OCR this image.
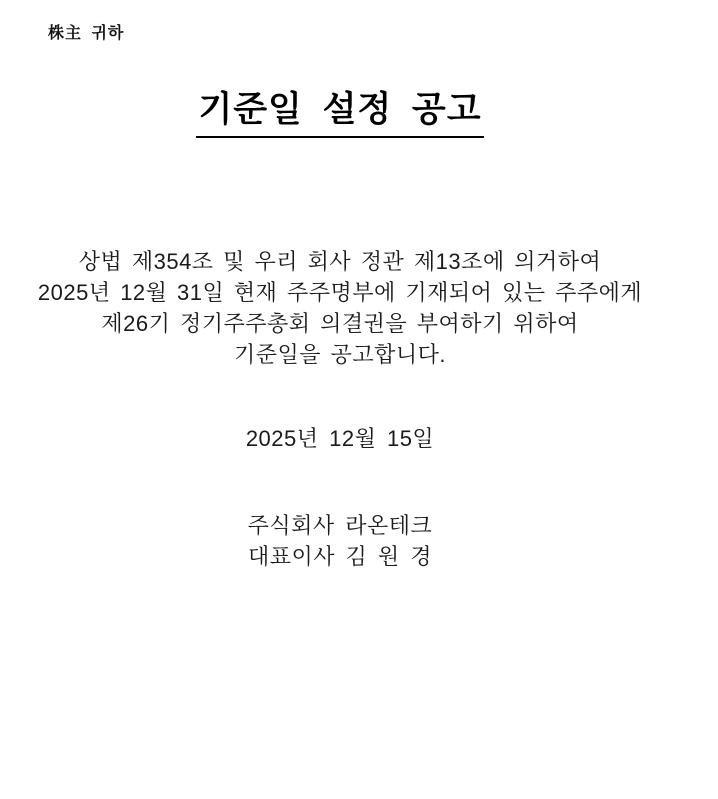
株主 귀하
기준일 설정 공고
상법 제354조 및 우리 회사 정관 제13조에 의거하여
2025년 12월 31일 현재 주주명부에 기재되어 있는 주주에게
제26기 정기주주총회 의결권을 부여하기 위하여
기준일을 공고합니다.
2025년 12월 15일
주식회사 라온테크
대표이사 김 원 경
